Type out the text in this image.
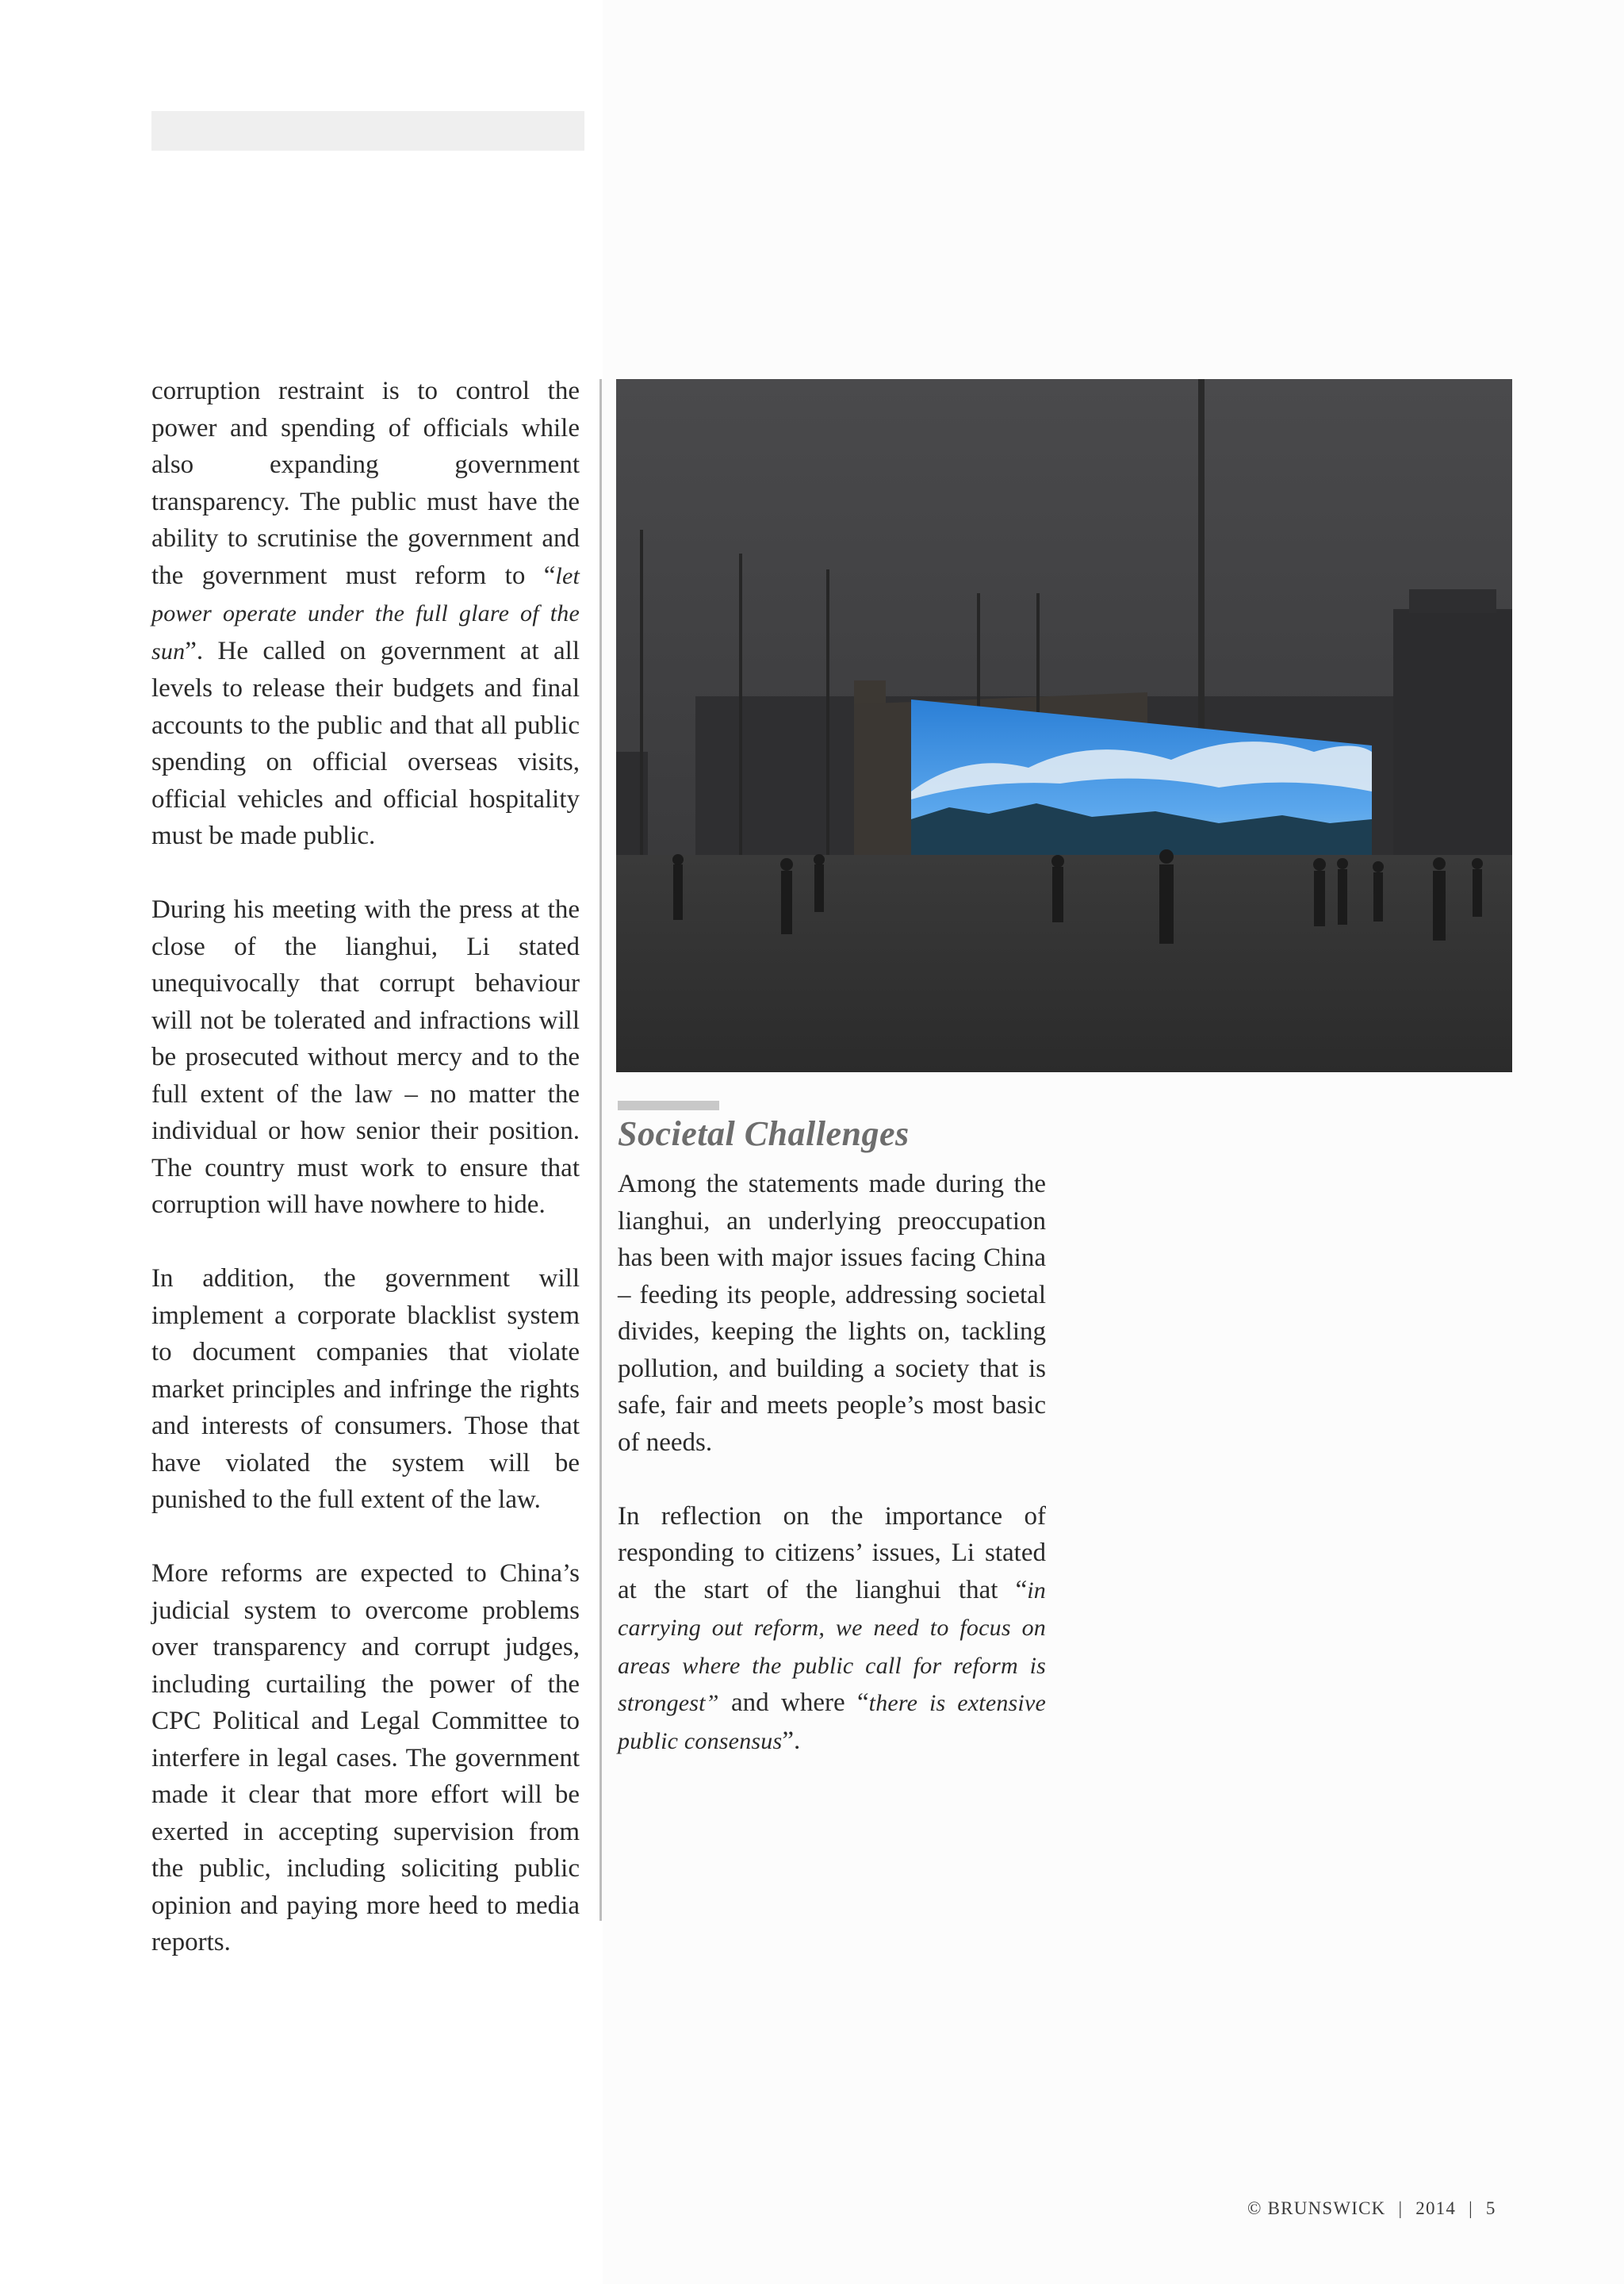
corruption restraint is to control the power and spending of officials while also expanding government transparency. The public must have the ability to scrutinise the government and the government must reform to “let power operate under the full glare of the sun”. He called on government at all levels to release their budgets and final accounts to the public and that all public spending on official overseas visits, official vehicles and official hospitality must be made public.

During his meeting with the press at the close of the lianghui, Li stated unequivocally that corrupt behaviour will not be tolerated and infractions will be prosecuted without mercy and to the full extent of the law – no matter the individual or how senior their position. The country must work to ensure that corruption will have nowhere to hide.

In addition, the government will implement a corporate blacklist system to document companies that violate market principles and infringe the rights and interests of consumers. Those that have violated the system will be punished to the full extent of the law.

More reforms are expected to China’s judicial system to overcome problems over transparency and corrupt judges, including curtailing the power of the CPC Political and Legal Committee to interfere in legal cases. The government made it clear that more effort will be exerted in accepting supervision from the public, including soliciting public opinion and paying more heed to media reports.

Societal Challenges

Among the statements made during the lianghui, an underlying preoccupation has been with major issues facing China – feeding its people, addressing societal divides, keeping the lights on, tackling pollution, and building a society that is safe, fair and meets people’s most basic of needs.

In reflection on the importance of responding to citizens’ issues, Li stated at the start of the lianghui that “in carrying out reform, we need to focus on areas where the public call for reform is strongest” and where “there is extensive public consensus”.

© BRUNSWICK | 2014 | 5
